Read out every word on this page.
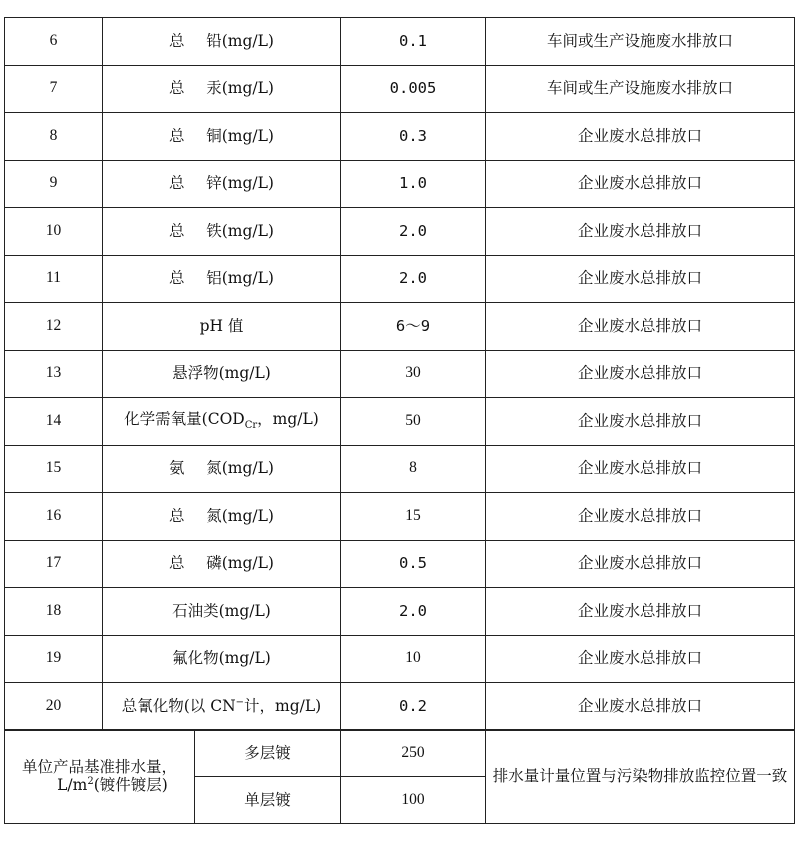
6	总 铅(mg/L)	0.1	车间或生产设施废水排放口
7	总 汞(mg/L)	0.005	车间或生产设施废水排放口
8	总 铜(mg/L)	0.3	企业废水总排放口
9	总 锌(mg/L)	1.0	企业废水总排放口
10	总 铁(mg/L)	2.0	企业废水总排放口
11	总 铝(mg/L)	2.0	企业废水总排放口
12	pH 值	6～9	企业废水总排放口
13	悬浮物(mg/L)	30	企业废水总排放口
14	化学需氧量($COD_{Cr}$，mg/L)	50	企业废水总排放口
15	氨 氮(mg/L)	8	企业废水总排放口
16	总 氮(mg/L)	15	企业废水总排放口
17	总 磷(mg/L)	0.5	企业废水总排放口
18	石油类(mg/L)	2.0	企业废水总排放口
19	氟化物(mg/L)	10	企业废水总排放口
20	总氰化物(以 CN−计，mg/L)	0.2	企业废水总排放口
单位产品基准排水量，
$L/m^2$(镀件镀层)	多层镀	250	排水量计量位置与污染物排放监控位置一致
	单层镀	100	
